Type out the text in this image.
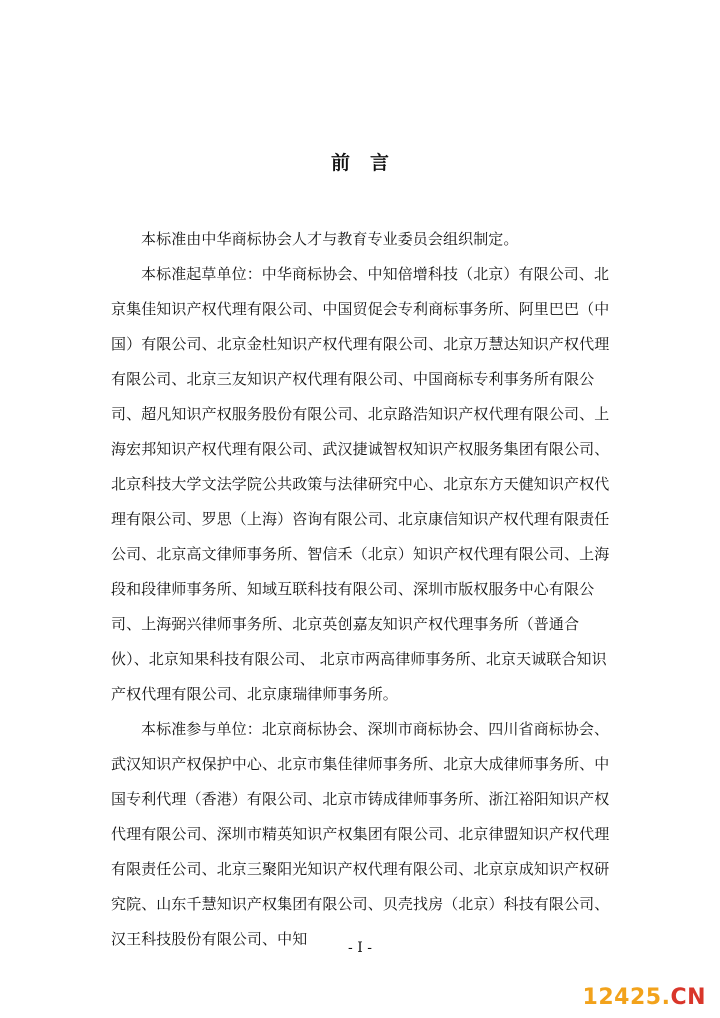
前言

本标准由中华商标协会人才与教育专业委员会组织制定。

本标准起草单位：中华商标协会、中知倍增科技（北京）有限公司、北京集佳知识产权代理有限公司、中国贸促会专利商标事务所、阿里巴巴（中国）有限公司、北京金杜知识产权代理有限公司、北京万慧达知识产权代理有限公司、北京三友知识产权代理有限公司、中国商标专利事务所有限公司、超凡知识产权服务股份有限公司、北京路浩知识产权代理有限公司、上海宏邦知识产权代理有限公司、武汉捷诚智权知识产权服务集团有限公司、北京科技大学文法学院公共政策与法律研究中心、北京东方天健知识产权代理有限公司、罗思（上海）咨询有限公司、北京康信知识产权代理有限责任公司、北京高文律师事务所、智信禾（北京）知识产权代理有限公司、上海段和段律师事务所、知域互联科技有限公司、深圳市版权服务中心有限公司、上海弼兴律师事务所、北京英创嘉友知识产权代理事务所（普通合伙）、北京知果科技有限公司、 北京市两高律师事务所、北京天诚联合知识产权代理有限公司、北京康瑞律师事务所。

本标准参与单位：北京商标协会、深圳市商标协会、四川省商标协会、武汉知识产权保护中心、北京市集佳律师事务所、北京大成律师事务所、中国专利代理（香港）有限公司、北京市铸成律师事务所、浙江裕阳知识产权代理有限公司、深圳市精英知识产权集团有限公司、北京律盟知识产权代理有限责任公司、北京三聚阳光知识产权代理有限公司、北京京成知识产权研究院、山东千慧知识产权集团有限公司、贝壳找房（北京）科技有限公司、汉王科技股份有限公司、中知	- I -
12425.CN
